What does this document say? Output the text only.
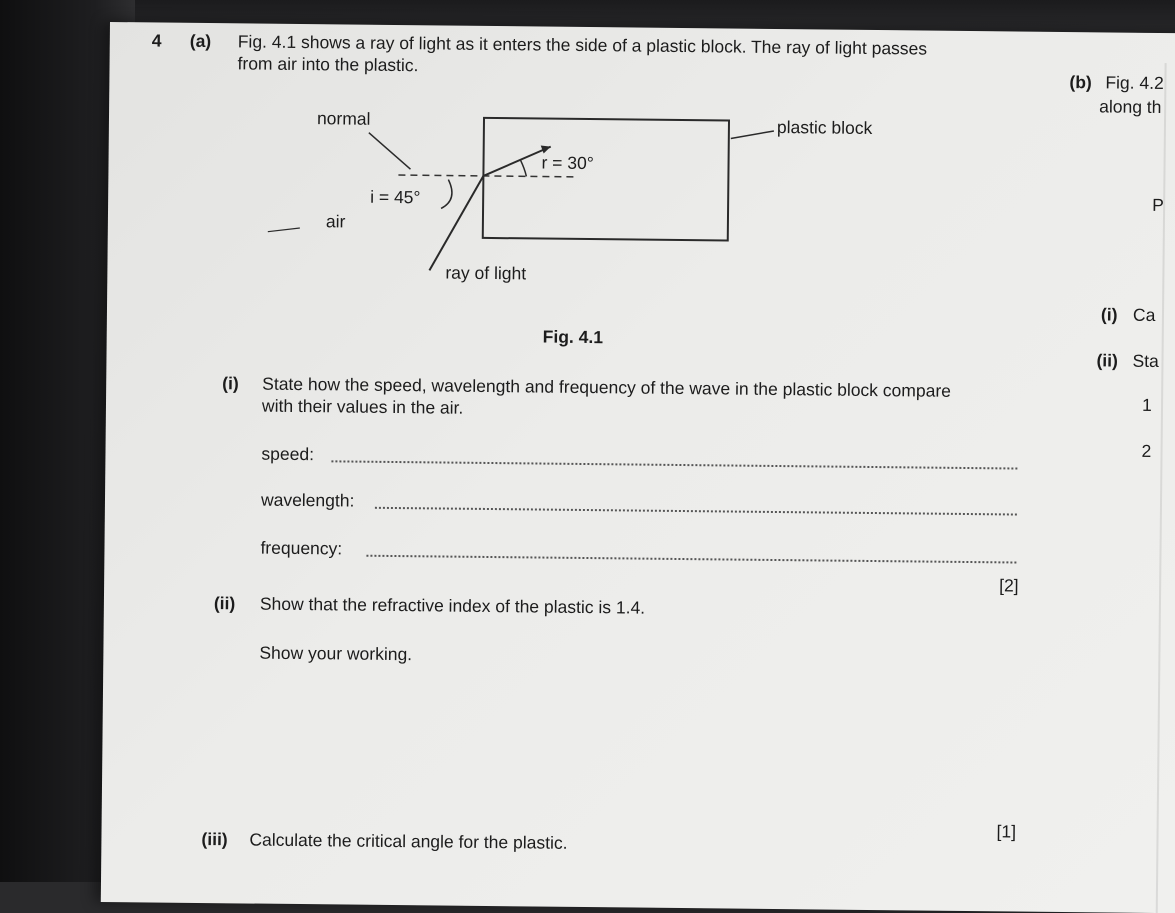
4 (a) Fig. 4.1 shows a ray of light as it enters the side of a plastic block. The ray of light passes
from air into the plastic.
normal	plastic block
r = 30°
i = 45°
air
ray of light
Fig. 4.1
(i) State how the speed, wavelength and frequency of the wave in the plastic block compare
with their values in the air.
speed:
wavelength:
frequency:
[2]
(ii) Show that the refractive index of the plastic is 1.4.
Show your working.
[1]
(iii) Calculate the critical angle for the plastic.
(b) Fig. 4.2
along th
P
(i) Ca
(ii) Sta
1
2
